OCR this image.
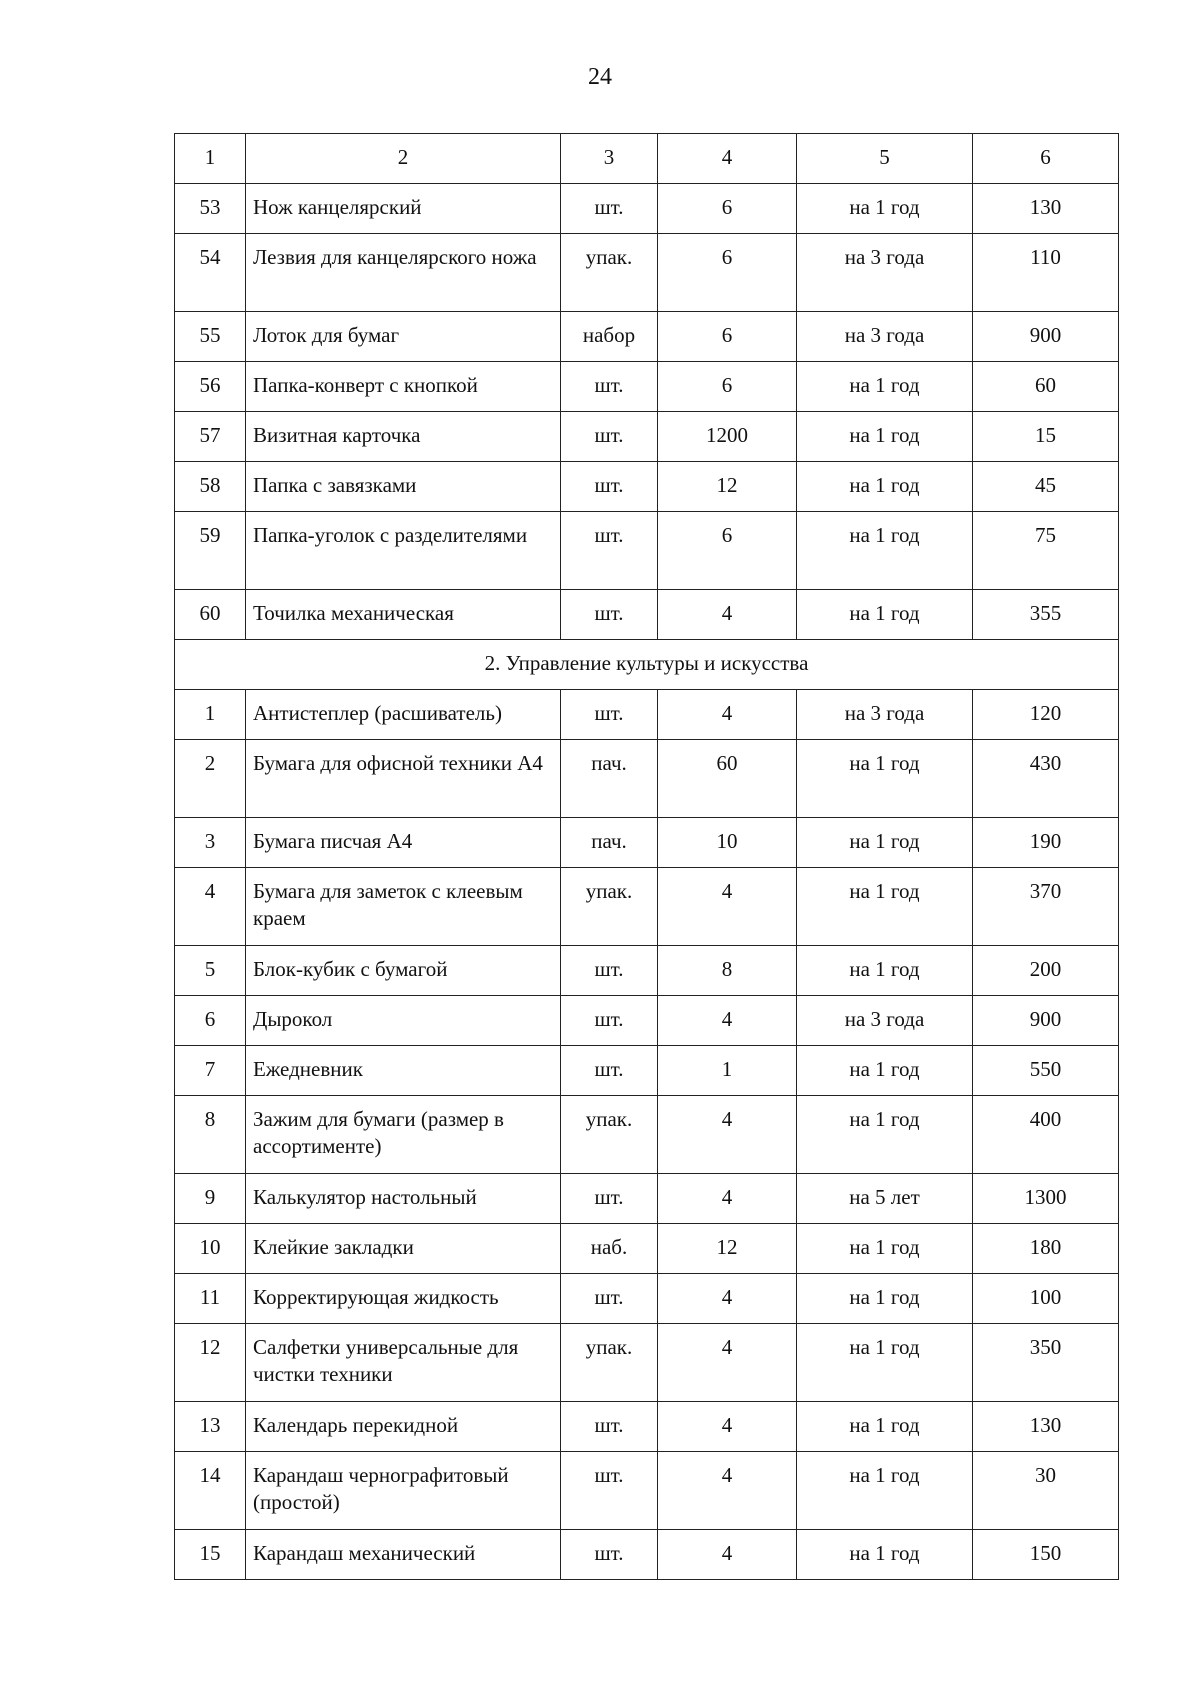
24
1	2	3	4	5	6
53	Нож канцелярский	шт.	6	на 1 год	130
54	Лезвия для канцелярского ножа	упак.	6	на 3 года	110
55	Лоток для бумаг	набор	6	на 3 года	900
56	Папка-конверт с кнопкой	шт.	6	на 1 год	60
57	Визитная карточка	шт.	1200	на 1 год	15
58	Папка с завязками	шт.	12	на 1 год	45
59	Папка-уголок с разделителями	шт.	6	на 1 год	75
60	Точилка механическая	шт.	4	на 1 год	355
2. Управление культуры и искусства					
1	Антистеплер (расшиватель)	шт.	4	на 3 года	120
2	Бумага для офисной техники А4	пач.	60	на 1 год	430
3	Бумага писчая А4	пач.	10	на 1 год	190
4	Бумага для заметок с клеевым краем	упак.	4	на 1 год	370
5	Блок-кубик с бумагой	шт.	8	на 1 год	200
6	Дырокол	шт.	4	на 3 года	900
7	Ежедневник	шт.	1	на 1 год	550
8	Зажим для бумаги (размер в ассортименте)	упак.	4	на 1 год	400
9	Калькулятор настольный	шт.	4	на 5 лет	1300
10	Клейкие закладки	наб.	12	на 1 год	180
11	Корректирующая жидкость	шт.	4	на 1 год	100
12	Салфетки универсальные для чистки техники	упак.	4	на 1 год	350
13	Календарь перекидной	шт.	4	на 1 год	130
14	Карандаш чернографитовый (простой)	шт.	4	на 1 год	30
15	Карандаш механический	шт.	4	на 1 год	150
